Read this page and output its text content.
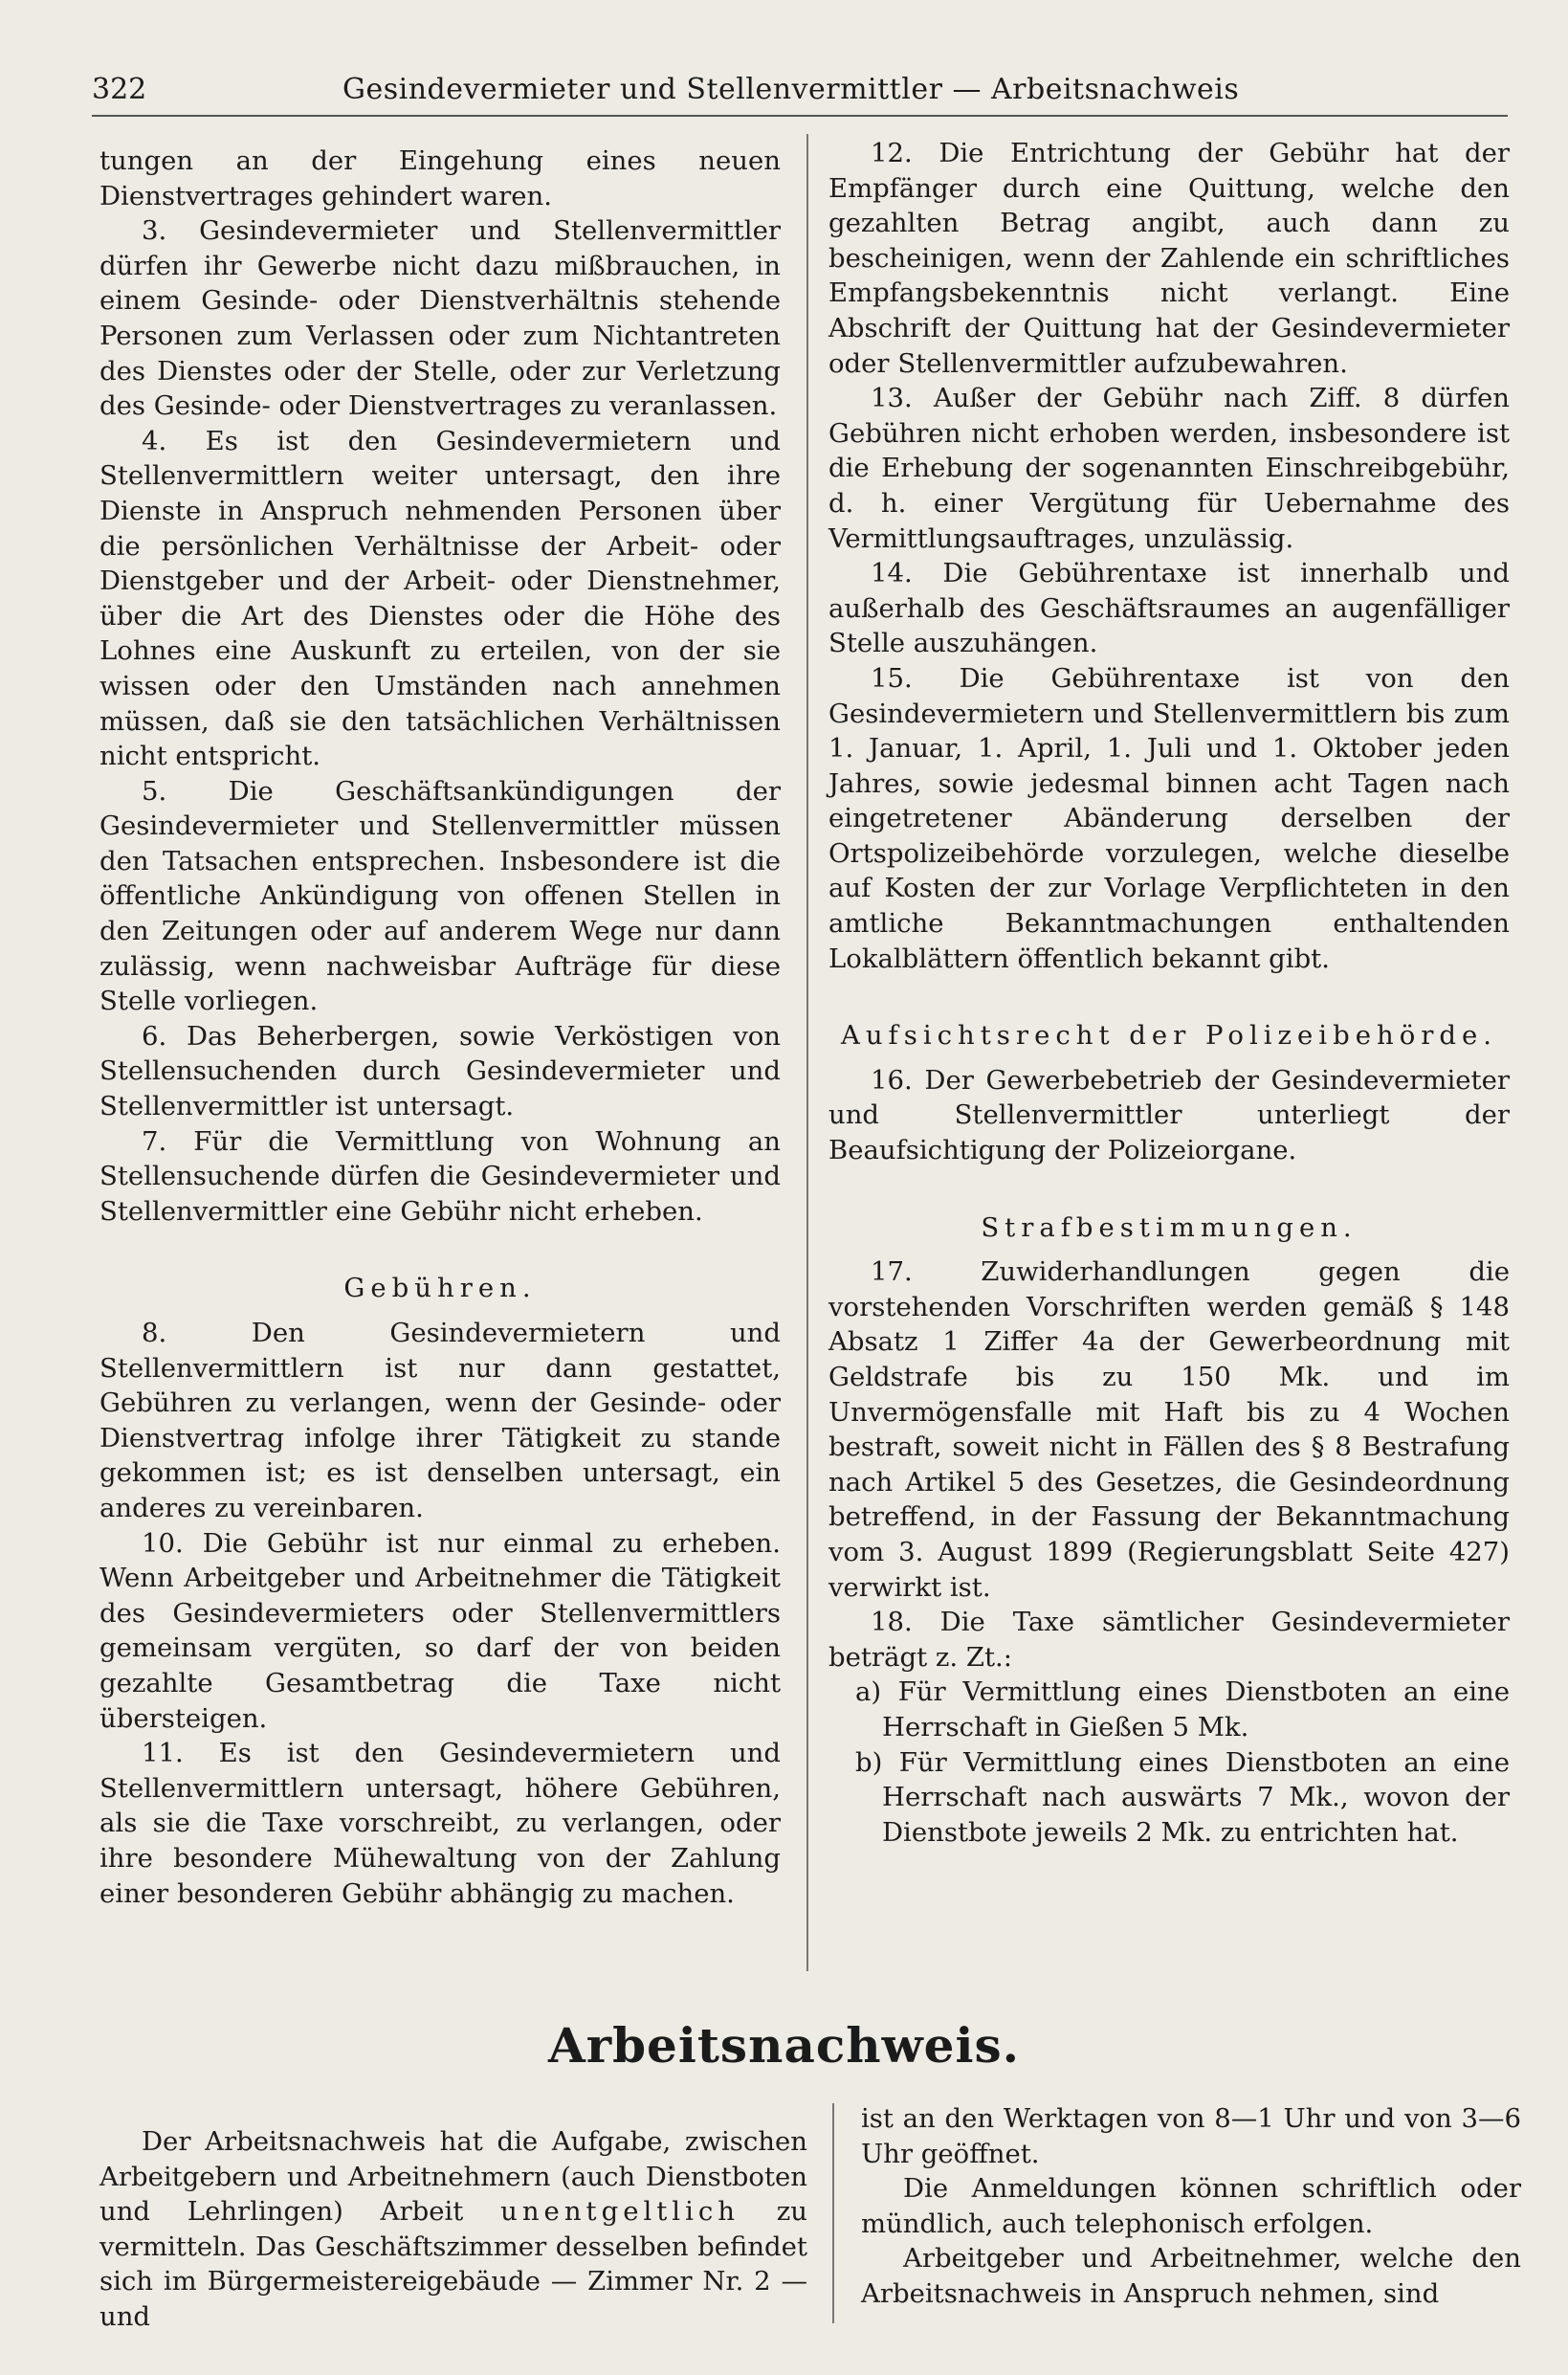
322	Gesindevermieter und Stellenvermittler — Arbeitsnachweis

tungen an der Eingehung eines neuen Dienstvertrages gehindert waren.

3. Gesindevermieter und Stellenvermittler dürfen ihr Gewerbe nicht dazu mißbrauchen, in einem Gesinde- oder Dienstverhältnis stehende Personen zum Verlassen oder zum Nichtantreten des Dienstes oder der Stelle, oder zur Verletzung des Gesinde- oder Dienstvertrages zu veranlassen.

4. Es ist den Gesindevermietern und Stellenvermittlern weiter untersagt, den ihre Dienste in Anspruch nehmenden Personen über die persönlichen Verhältnisse der Arbeit- oder Dienstgeber und der Arbeit- oder Dienstnehmer, über die Art des Dienstes oder die Höhe des Lohnes eine Auskunft zu erteilen, von der sie wissen oder den Umständen nach annehmen müssen, daß sie den tatsächlichen Verhältnissen nicht entspricht.

5. Die Geschäftsankündigungen der Gesindevermieter und Stellenvermittler müssen den Tatsachen entsprechen. Insbesondere ist die öffentliche Ankündigung von offenen Stellen in den Zeitungen oder auf anderem Wege nur dann zulässig, wenn nachweisbar Aufträge für diese Stelle vorliegen.

6. Das Beherbergen, sowie Verköstigen von Stellensuchenden durch Gesindevermieter und Stellenvermittler ist untersagt.

7. Für die Vermittlung von Wohnung an Stellensuchende dürfen die Gesindevermieter und Stellenvermittler eine Gebühr nicht erheben.

Gebühren.

8. Den Gesindevermietern und Stellenvermittlern ist nur dann gestattet, Gebühren zu verlangen, wenn der Gesinde- oder Dienstvertrag infolge ihrer Tätigkeit zu stande gekommen ist; es ist denselben untersagt, ein anderes zu vereinbaren.

10. Die Gebühr ist nur einmal zu erheben. Wenn Arbeitgeber und Arbeitnehmer die Tätigkeit des Gesindevermieters oder Stellenvermittlers gemeinsam vergüten, so darf der von beiden gezahlte Gesamtbetrag die Taxe nicht übersteigen.

11. Es ist den Gesindevermietern und Stellenvermittlern untersagt, höhere Gebühren, als sie die Taxe vorschreibt, zu verlangen, oder ihre besondere Mühewaltung von der Zahlung einer besonderen Gebühr abhängig zu machen.

12. Die Entrichtung der Gebühr hat der Empfänger durch eine Quittung, welche den gezahlten Betrag angibt, auch dann zu bescheinigen, wenn der Zahlende ein schriftliches Empfangsbekenntnis nicht verlangt. Eine Abschrift der Quittung hat der Gesindevermieter oder Stellenvermittler aufzubewahren.

13. Außer der Gebühr nach Ziff. 8 dürfen Gebühren nicht erhoben werden, insbesondere ist die Erhebung der sogenannten Einschreibgebühr, d. h. einer Vergütung für Uebernahme des Vermittlungsauftrages, unzulässig.

14. Die Gebührentaxe ist innerhalb und außerhalb des Geschäftsraumes an augenfälliger Stelle auszuhängen.

15. Die Gebührentaxe ist von den Gesindevermietern und Stellenvermittlern bis zum 1. Januar, 1. April, 1. Juli und 1. Oktober jeden Jahres, sowie jedesmal binnen acht Tagen nach eingetretener Abänderung derselben der Ortspolizeibehörde vorzulegen, welche dieselbe auf Kosten der zur Vorlage Verpflichteten in den amtliche Bekanntmachungen enthaltenden Lokalblättern öffentlich bekannt gibt.

Aufsichtsrecht der Polizeibehörde.

16. Der Gewerbebetrieb der Gesindevermieter und Stellenvermittler unterliegt der Beaufsichtigung der Polizeiorgane.

Strafbestimmungen.

17. Zuwiderhandlungen gegen die vorstehenden Vorschriften werden gemäß § 148 Absatz 1 Ziffer 4a der Gewerbeordnung mit Geldstrafe bis zu 150 Mk. und im Unvermögensfalle mit Haft bis zu 4 Wochen bestraft, soweit nicht in Fällen des § 8 Bestrafung nach Artikel 5 des Gesetzes, die Gesindeordnung betreffend, in der Fassung der Bekanntmachung vom 3. August 1899 (Regierungsblatt Seite 427) verwirkt ist.

18. Die Taxe sämtlicher Gesindevermieter beträgt z. Zt.:

a) Für Vermittlung eines Dienstboten an eine Herrschaft in Gießen 5 Mk.

b) Für Vermittlung eines Dienstboten an eine Herrschaft nach auswärts 7 Mk., wovon der Dienstbote jeweils 2 Mk. zu entrichten hat.

Arbeitsnachweis.

Der Arbeitsnachweis hat die Aufgabe, zwischen Arbeitgebern und Arbeitnehmern (auch Dienstboten und Lehrlingen) Arbeit unentgeltlich zu vermitteln. Das Geschäftszimmer desselben befindet sich im Bürgermeistereigebäude — Zimmer Nr. 2 — und

ist an den Werktagen von 8—1 Uhr und von 3—6 Uhr geöffnet.

Die Anmeldungen können schriftlich oder mündlich, auch telephonisch erfolgen.

Arbeitgeber und Arbeitnehmer, welche den Arbeitsnachweis in Anspruch nehmen, sind
